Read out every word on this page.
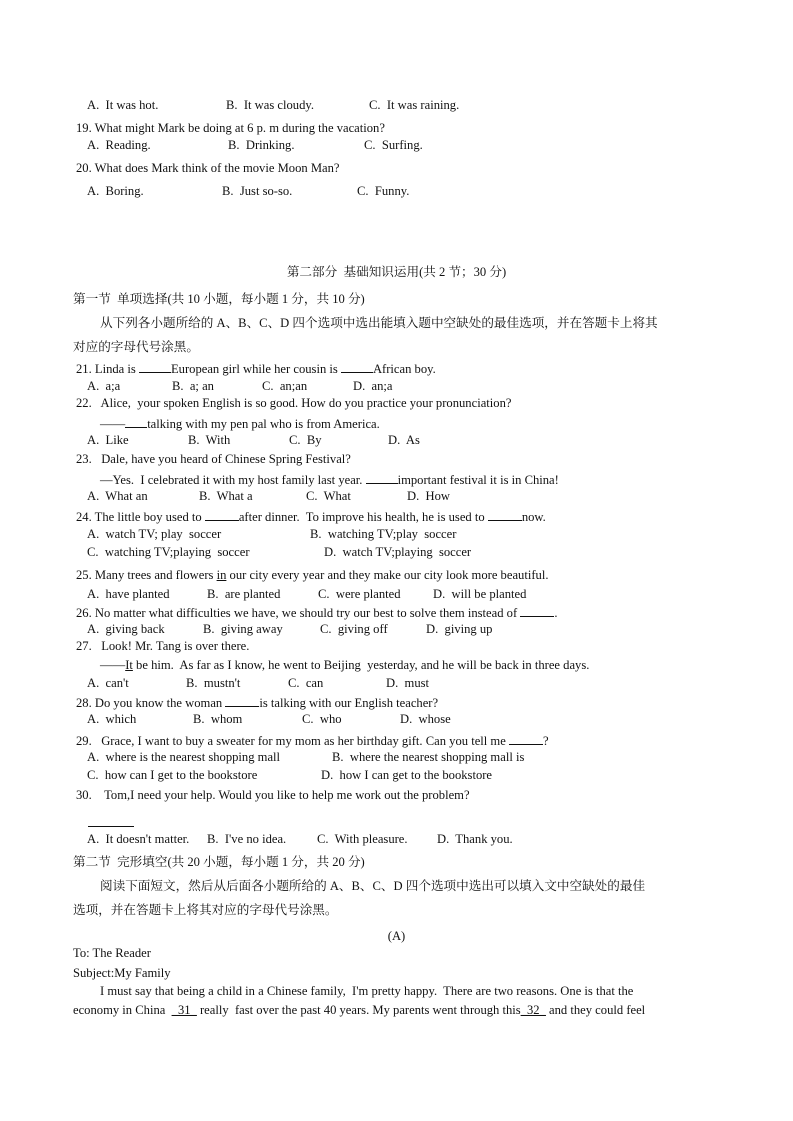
A.  It was hot.	B.  It was cloudy.	C.  It was raining.
19. What might Mark be doing at 6 p. m during the vacation?
A.  Reading.	B.  Drinking.	C.  Surfing.
20. What does Mark think of the movie Moon Man?
A.  Boring.	B.  Just so-so.	C.  Funny.
第二部分  基础知识运用(共 2 节；30 分)
第一节  单项选择(共 10 小题，每小题 1 分，共 10 分)
从下列各小题所给的 A、B、C、D 四个选项中选出能填入题中空缺处的最佳选项，并在答题卡上将其
对应的字母代号涂黑。
21. Linda is	European girl while her cousin is	African boy.
A.  a;a	B.  a; an	C.  an;an	D.  an;a
22.   Alice,  your spoken English is so good. How do you practice your pronunciation?
—— talking with my pen pal who is from America.
A.  Like	B.  With	C.  By	D.  As
23.   Dale, have you heard of Chinese Spring Festival?
—Yes.  I celebrated it with my host family last year.	important festival it is in China!
A.  What an	B.  What a	C.  What	D.  How
24. The little boy used to	after dinner.  To improve his health, he is used to	now.
A.  watch TV; play  soccer	B.  watching TV;play  soccer
C.  watching TV;playing  soccer	D.  watch TV;playing  soccer
25. Many trees and flowers in our city every year and they make our city look more beautiful.
A.  have planted	B.  are planted	C.  were planted	D.  will be planted
26. No matter what difficulties we have, we should try our best to solve them instead of	.
A.  giving back	B.  giving away	C.  giving off	D.  giving up
27.   Look! Mr. Tang is over there.
——It be him.  As far as I know, he went to Beijing  yesterday, and he will be back in three days.
A.  can't	B.  mustn't	C.  can	D.  must
28. Do you know the woman	is talking with our English teacher?
A.  which	B.  whom	C.  who	D.  whose
29.   Grace, I want to buy a sweater for my mom as her birthday gift. Can you tell me	?
A.  where is the nearest shopping mall	B.  where the nearest shopping mall is
C.  how can I get to the bookstore	D.  how I can get to the bookstore
30.    Tom,I need your help. Would you like to help me work out the problem?
A.  It doesn't matter. B.  I've no idea. C.  With pleasure. D.  Thank you.
第二节  完形填空(共 20 小题，每小题 1 分，共 20 分)
阅读下面短文，然后从后面各小题所给的 A、B、C、D 四个选项中选出可以填入文中空缺处的最佳
选项，并在答题卡上将其对应的字母代号涂黑。
(A)
To: The Reader
Subject:My Family
I must say that being a child in a Chinese family,  I'm pretty happy.  There are two reasons. One is that the
economy in China  _31_ really  fast over the past 40 years. My parents went through this_32_ and they could feel
